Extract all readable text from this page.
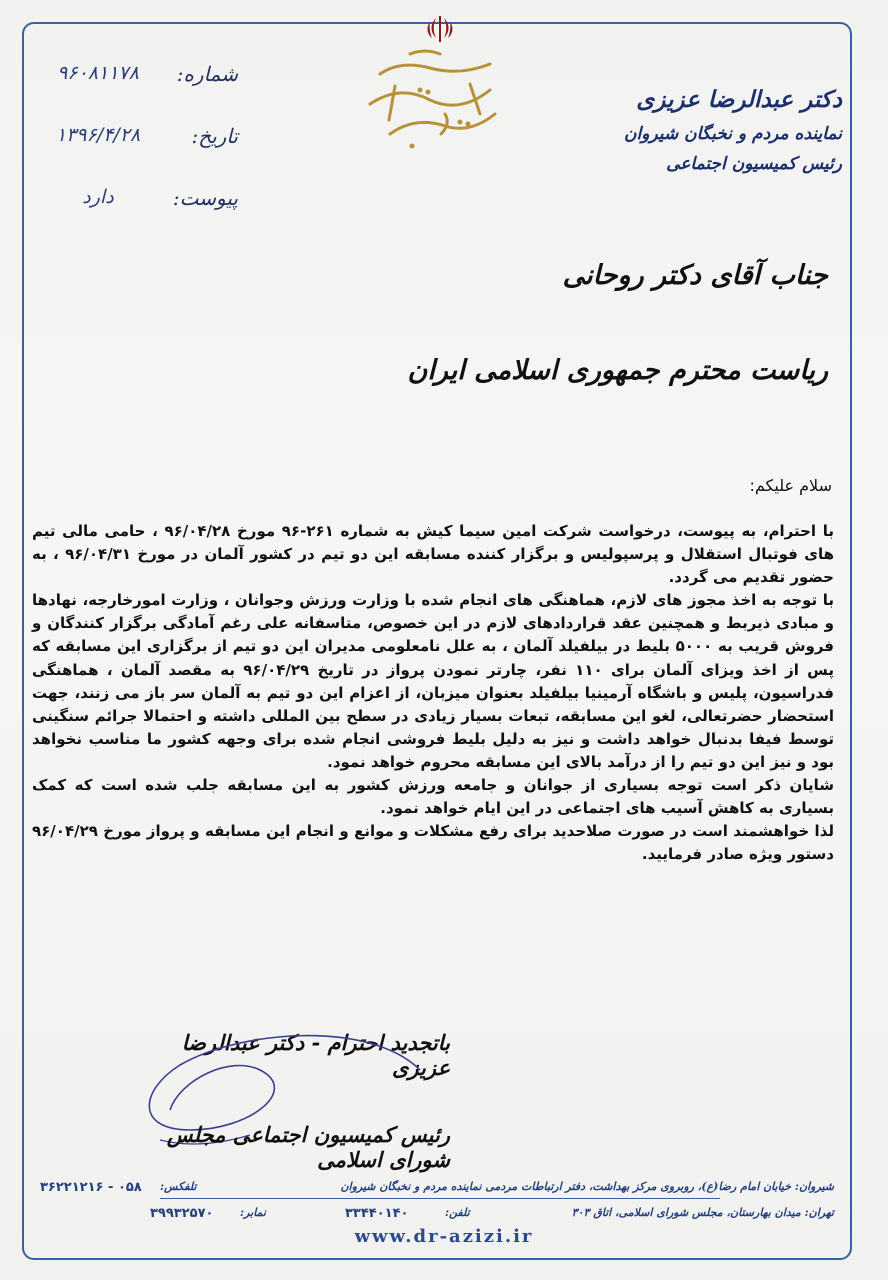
شماره:
۹۶۰۸۱۱۷۸
تاریخ:
۱۳۹۶/۴/۲۸
پیوست:
دارد
دکتر عبدالرضا عزیزی
نماینده مردم و نخبگان شیروان
رئیس کمیسیون اجتماعی
جناب آقای دکتر روحانی
ریاست محترم جمهوری اسلامی ایران
سلام علیکم:

با احترام، به پیوست، درخواست شرکت امین سیما کیش به شماره ۲۶۱-۹۶ مورخ ۹۶/۰۴/۲۸ ، حامی مالی تیم های فوتبال استقلال و پرسپولیس و برگزار کننده مسابقه این دو تیم در کشور آلمان در مورخ ۹۶/۰۴/۳۱ ، به حضور تقدیم می گردد.

با توجه به اخذ مجوز های لازم، هماهنگی های انجام شده با وزارت ورزش وجوانان ، وزارت امورخارجه، نهادها و مبادی ذیربط و همچنین عقد قراردادهای لازم در این خصوص، متاسفانه علی رغم آمادگی برگزار کنندگان و فروش قریب به ۵۰۰۰ بلیط در بیلفیلد آلمان ، به علل نامعلومی مدیران این دو تیم از برگزاری این مسابقه که پس از اخذ ویزای آلمان برای ۱۱۰ نفر، چارتر نمودن پرواز در تاریخ ۹۶/۰۴/۲۹ به مقصد آلمان ، هماهنگی فدراسیون، پلیس و باشگاه آرمینیا بیلفیلد بعنوان میزبان، از اعزام این دو تیم به آلمان سر باز می زنند، جهت استحضار حضرتعالی، لغو این مسابقه، تبعات بسیار زیادی در سطح بین المللی داشته و احتمالا جرائم سنگینی توسط فیفا بدنبال خواهد داشت و نیز به دلیل بلیط فروشی انجام شده برای وجهه کشور ما مناسب نخواهد بود و نیز این دو تیم را از درآمد بالای این مسابقه محروم خواهد نمود.

شایان ذکر است توجه بسیاری از جوانان و جامعه ورزش کشور به این مسابقه جلب شده است که کمک بسیاری به کاهش آسیب های اجتماعی در این ایام خواهد نمود.

لذا خواهشمند است در صورت صلاحدید برای رفع مشکلات و موانع و انجام این مسابقه و پرواز مورخ ۹۶/۰۴/۲۹ دستور ویژه صادر فرمایید.

باتجدید احترام - دکتر عبدالرضا عزیزی
رئیس کمیسیون اجتماعی مجلس شورای اسلامی
شیروان: خیابان امام رضا(ع)، روبروی مرکز بهداشت، دفتر ارتباطات مردمی نماینده مردم و نخبگان شیروان
تلفکس:
۰۵۸ - ۳۶۲۲۱۲۱۶
تهران: میدان بهارستان، مجلس شورای اسلامی، اتاق ۳۰۳
تلفن:
۳۳۴۴۰۱۴۰
نمابر:
۳۹۹۳۲۵۷۰
www.dr-azizi.ir
